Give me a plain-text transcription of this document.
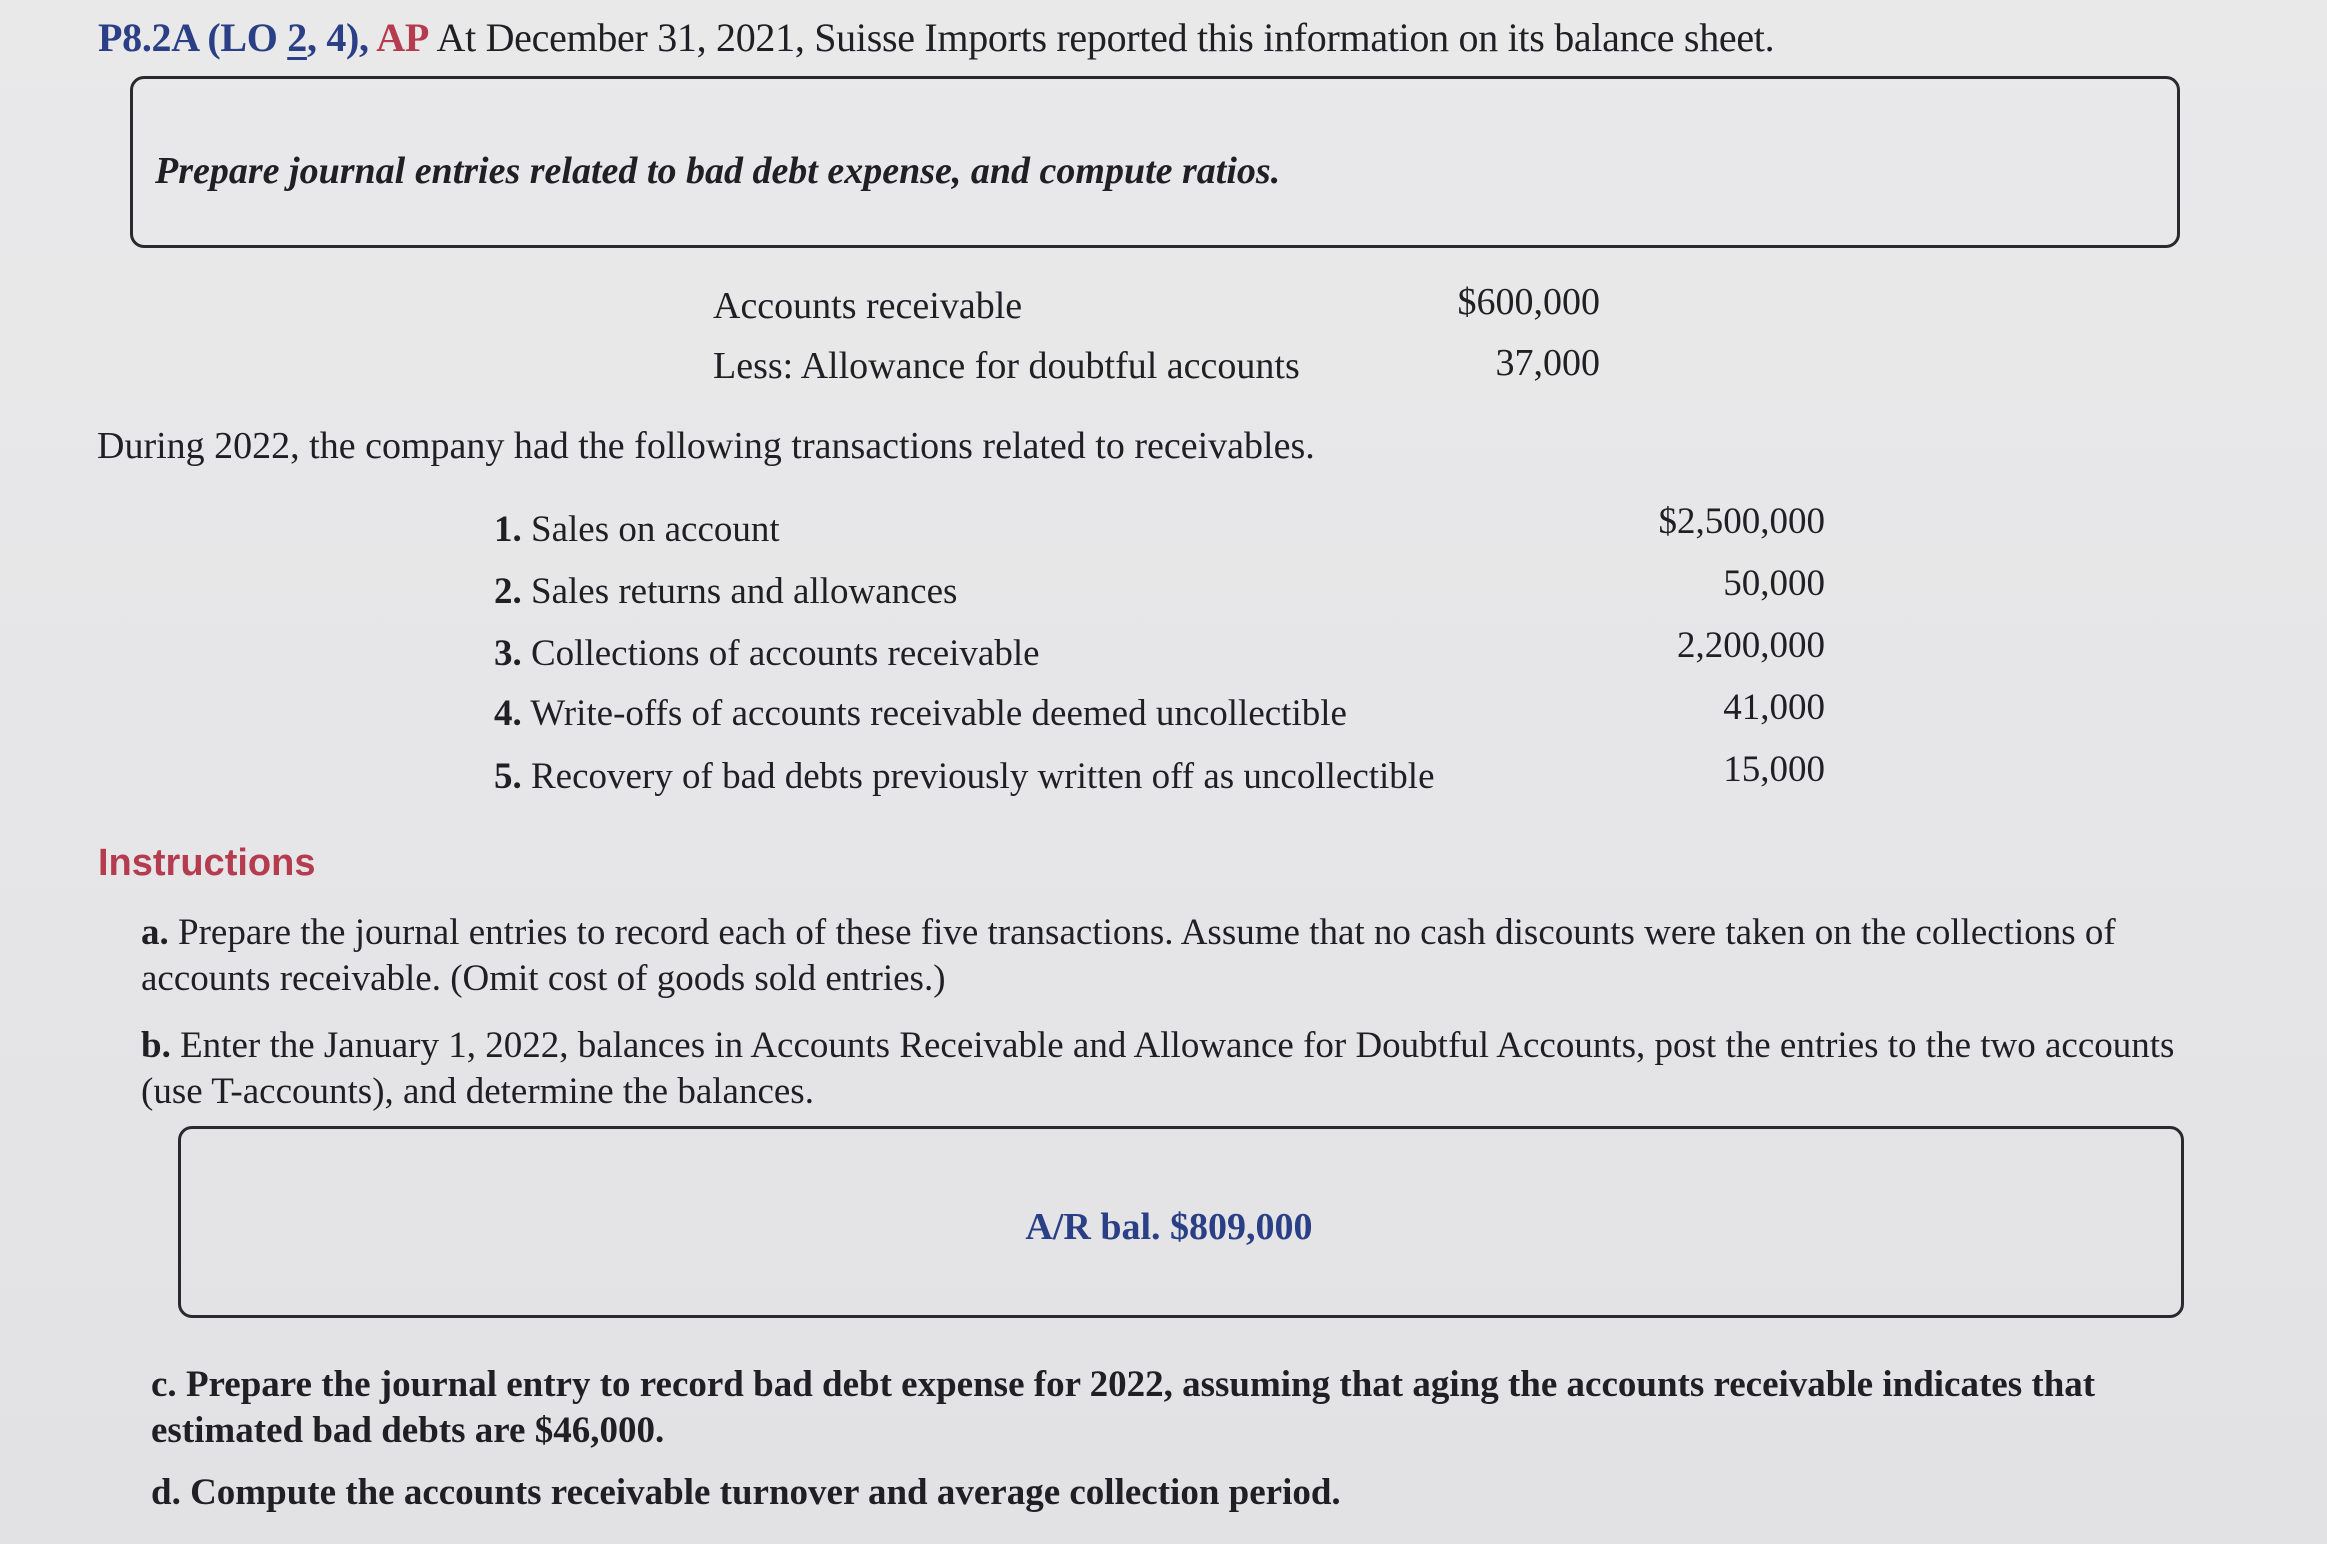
P8.2A (LO 2, 4), AP At December 31, 2021, Suisse Imports reported this information on its balance sheet.
Prepare journal entries related to bad debt expense, and compute ratios.
Accounts receivable	$600,000
Less: Allowance for doubtful accounts	37,000
During 2022, the company had the following transactions related to receivables.
1. Sales on account	$2,500,000
2. Sales returns and allowances	50,000
3. Collections of accounts receivable	2,200,000
4. Write-offs of accounts receivable deemed uncollectible	41,000
5. Recovery of bad debts previously written off as uncollectible	15,000
Instructions
a. Prepare the journal entries to record each of these five transactions. Assume that no cash discounts were taken on the collections of accounts receivable. (Omit cost of goods sold entries.)
b. Enter the January 1, 2022, balances in Accounts Receivable and Allowance for Doubtful Accounts, post the entries to the two accounts (use T-accounts), and determine the balances.
A/R bal. $809,000
c. Prepare the journal entry to record bad debt expense for 2022, assuming that aging the accounts receivable indicates that estimated bad debts are $46,000.
d. Compute the accounts receivable turnover and average collection period.
